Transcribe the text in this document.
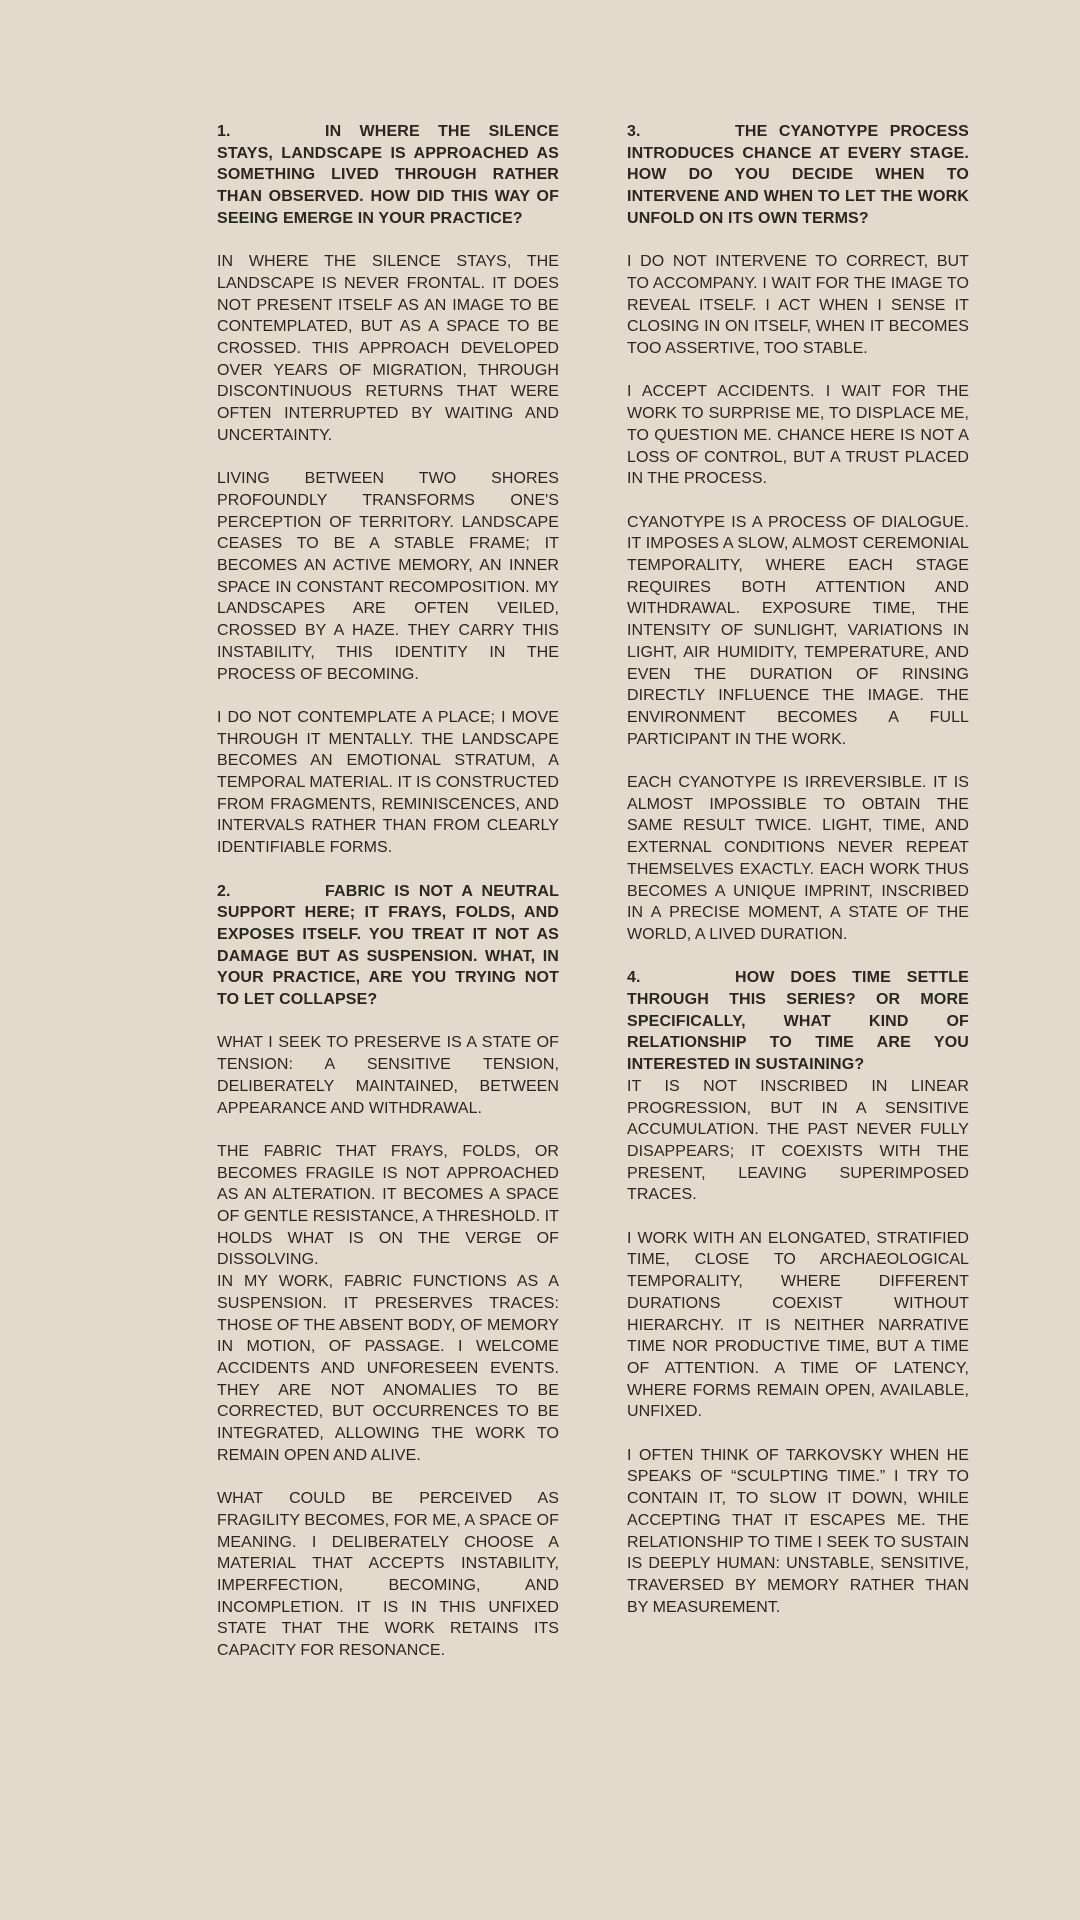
1.	IN WHERE THE SILENCE STAYS, LANDSCAPE IS APPROACHED AS SOMETHING LIVED THROUGH RATHER THAN OBSERVED. HOW DID THIS WAY OF SEEING EMERGE IN YOUR PRACTICE?

IN WHERE THE SILENCE STAYS, THE LANDSCAPE IS NEVER FRONTAL. IT DOES NOT PRESENT ITSELF AS AN IMAGE TO BE CONTEMPLATED, BUT AS A SPACE TO BE CROSSED. THIS APPROACH DEVELOPED OVER YEARS OF MIGRATION, THROUGH DISCONTINUOUS RETURNS THAT WERE OFTEN INTERRUPTED BY WAITING AND UNCERTAINTY.

LIVING BETWEEN TWO SHORES PROFOUNDLY TRANSFORMS ONE'S PERCEPTION OF TERRITORY. LANDSCAPE CEASES TO BE A STABLE FRAME; IT BECOMES AN ACTIVE MEMORY, AN INNER SPACE IN CONSTANT RECOMPOSITION. MY LANDSCAPES ARE OFTEN VEILED, CROSSED BY A HAZE. THEY CARRY THIS INSTABILITY, THIS IDENTITY IN THE PROCESS OF BECOMING.

I DO NOT CONTEMPLATE A PLACE; I MOVE THROUGH IT MENTALLY. THE LANDSCAPE BECOMES AN EMOTIONAL STRATUM, A TEMPORAL MATERIAL. IT IS CONSTRUCTED FROM FRAGMENTS, REMINISCENCES, AND INTERVALS RATHER THAN FROM CLEARLY IDENTIFIABLE FORMS.

2.	FABRIC IS NOT A NEUTRAL SUPPORT HERE; IT FRAYS, FOLDS, AND EXPOSES ITSELF. YOU TREAT IT NOT AS DAMAGE BUT AS SUSPENSION. WHAT, IN YOUR PRACTICE, ARE YOU TRYING NOT TO LET COLLAPSE?

WHAT I SEEK TO PRESERVE IS A STATE OF TENSION: A SENSITIVE TENSION, DELIBERATELY MAINTAINED, BETWEEN APPEARANCE AND WITHDRAWAL.

THE FABRIC THAT FRAYS, FOLDS, OR BECOMES FRAGILE IS NOT APPROACHED AS AN ALTERATION. IT BECOMES A SPACE OF GENTLE RESISTANCE, A THRESHOLD. IT HOLDS WHAT IS ON THE VERGE OF DISSOLVING.

IN MY WORK, FABRIC FUNCTIONS AS A SUSPENSION. IT PRESERVES TRACES: THOSE OF THE ABSENT BODY, OF MEMORY IN MOTION, OF PASSAGE. I WELCOME ACCIDENTS AND UNFORESEEN EVENTS. THEY ARE NOT ANOMALIES TO BE CORRECTED, BUT OCCURRENCES TO BE INTEGRATED, ALLOWING THE WORK TO REMAIN OPEN AND ALIVE.

WHAT COULD BE PERCEIVED AS FRAGILITY BECOMES, FOR ME, A SPACE OF MEANING. I DELIBERATELY CHOOSE A MATERIAL THAT ACCEPTS INSTABILITY, IMPERFECTION, BECOMING, AND INCOMPLETION. IT IS IN THIS UNFIXED STATE THAT THE WORK RETAINS ITS CAPACITY FOR RESONANCE.

3.	THE CYANOTYPE PROCESS INTRODUCES CHANCE AT EVERY STAGE. HOW DO YOU DECIDE WHEN TO INTERVENE AND WHEN TO LET THE WORK UNFOLD ON ITS OWN TERMS?

I DO NOT INTERVENE TO CORRECT, BUT TO ACCOMPANY. I WAIT FOR THE IMAGE TO REVEAL ITSELF. I ACT WHEN I SENSE IT CLOSING IN ON ITSELF, WHEN IT BECOMES TOO ASSERTIVE, TOO STABLE.

I ACCEPT ACCIDENTS. I WAIT FOR THE WORK TO SURPRISE ME, TO DISPLACE ME, TO QUESTION ME. CHANCE HERE IS NOT A LOSS OF CONTROL, BUT A TRUST PLACED IN THE PROCESS.

CYANOTYPE IS A PROCESS OF DIALOGUE. IT IMPOSES A SLOW, ALMOST CEREMONIAL TEMPORALITY, WHERE EACH STAGE REQUIRES BOTH ATTENTION AND WITHDRAWAL. EXPOSURE TIME, THE INTENSITY OF SUNLIGHT, VARIATIONS IN LIGHT, AIR HUMIDITY, TEMPERATURE, AND EVEN THE DURATION OF RINSING DIRECTLY INFLUENCE THE IMAGE. THE ENVIRONMENT BECOMES A FULL PARTICIPANT IN THE WORK.

EACH CYANOTYPE IS IRREVERSIBLE. IT IS ALMOST IMPOSSIBLE TO OBTAIN THE SAME RESULT TWICE. LIGHT, TIME, AND EXTERNAL CONDITIONS NEVER REPEAT THEMSELVES EXACTLY. EACH WORK THUS BECOMES A UNIQUE IMPRINT, INSCRIBED IN A PRECISE MOMENT, A STATE OF THE WORLD, A LIVED DURATION.

4.	HOW DOES TIME SETTLE THROUGH THIS SERIES? OR MORE SPECIFICALLY, WHAT KIND OF RELATIONSHIP TO TIME ARE YOU INTERESTED IN SUSTAINING?

IT IS NOT INSCRIBED IN LINEAR PROGRESSION, BUT IN A SENSITIVE ACCUMULATION. THE PAST NEVER FULLY DISAPPEARS; IT COEXISTS WITH THE PRESENT, LEAVING SUPERIMPOSED TRACES.

I WORK WITH AN ELONGATED, STRATIFIED TIME, CLOSE TO ARCHAEOLOGICAL TEMPORALITY, WHERE DIFFERENT DURATIONS COEXIST WITHOUT HIERARCHY. IT IS NEITHER NARRATIVE TIME NOR PRODUCTIVE TIME, BUT A TIME OF ATTENTION. A TIME OF LATENCY, WHERE FORMS REMAIN OPEN, AVAILABLE, UNFIXED.

I OFTEN THINK OF TARKOVSKY WHEN HE SPEAKS OF “SCULPTING TIME.” I TRY TO CONTAIN IT, TO SLOW IT DOWN, WHILE ACCEPTING THAT IT ESCAPES ME. THE RELATIONSHIP TO TIME I SEEK TO SUSTAIN IS DEEPLY HUMAN: UNSTABLE, SENSITIVE, TRAVERSED BY MEMORY RATHER THAN BY MEASUREMENT.
